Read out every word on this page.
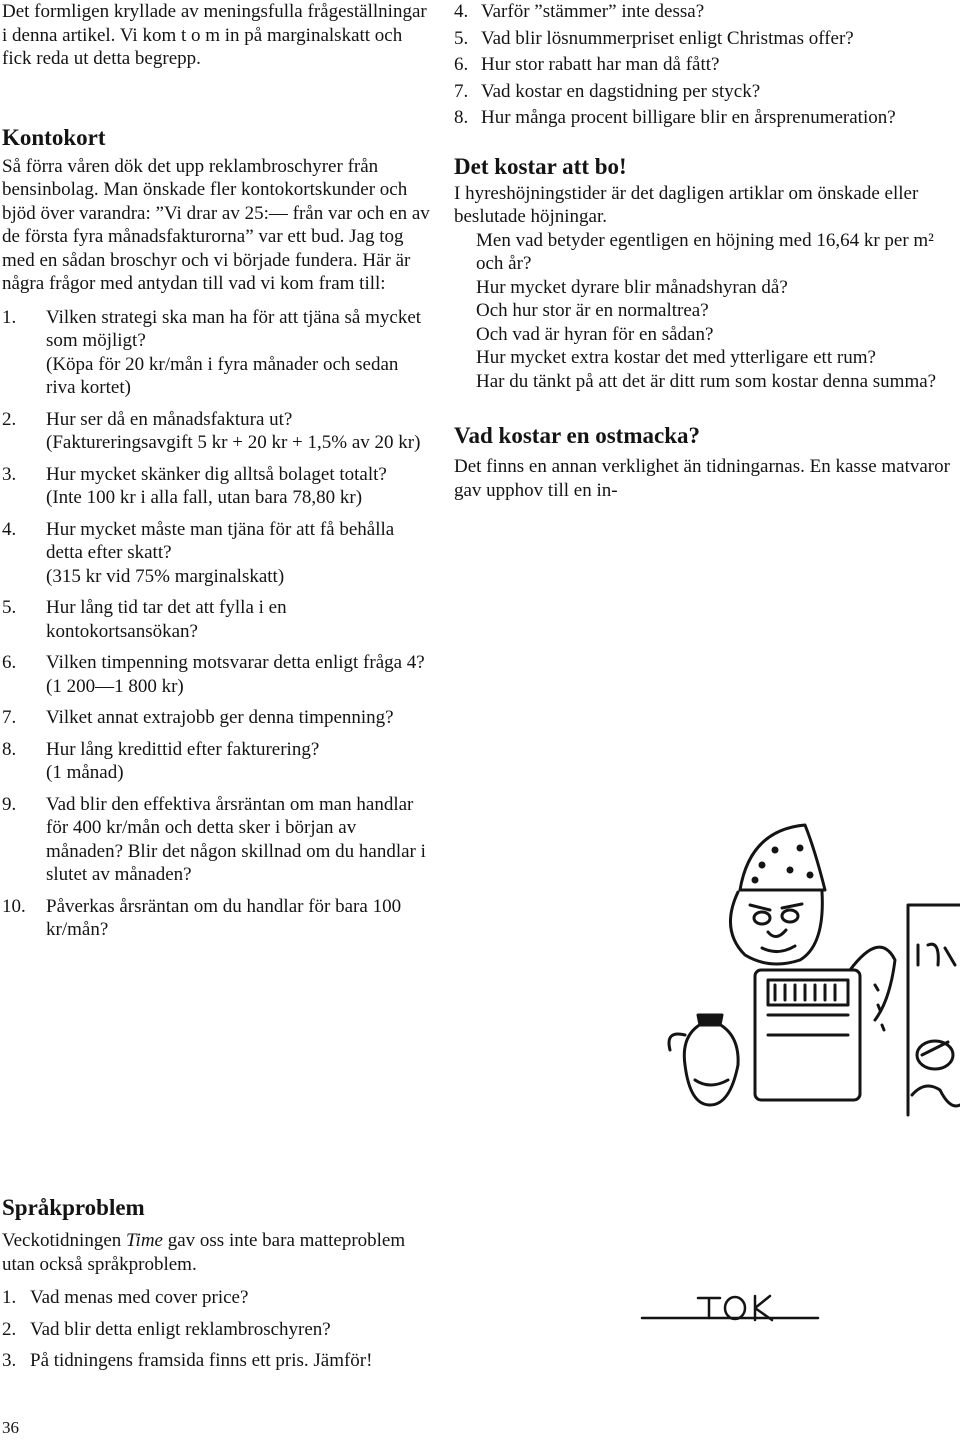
Det formligen kryllade av meningsfulla frågeställningar i denna artikel. Vi kom t o m in på marginalskatt och fick reda ut detta begrepp.

Kontokort

Så förra våren dök det upp reklambroschyrer från bensinbolag. Man önskade fler kontokortskunder och bjöd över varandra: ”Vi drar av 25:— från var och en av de första fyra månadsfakturorna” var ett bud. Jag tog med en sådan broschyr och vi började fundera. Här är några frågor med antydan till vad vi kom fram till:

1.	Vilken strategi ska man ha för att tjäna så mycket som möjligt?
(Köpa för 20 kr/mån i fyra månader och sedan riva kortet)
2.	Hur ser då en månadsfaktura ut?
(Faktureringsavgift 5 kr + 20 kr + 1,5% av 20 kr)
3.	Hur mycket skänker dig alltså bolaget totalt?
(Inte 100 kr i alla fall, utan bara 78,80 kr)
4.	Hur mycket måste man tjäna för att få behålla detta efter skatt?
(315 kr vid 75% marginalskatt)
5.	Hur lång tid tar det att fylla i en kontokortsansökan?
6.	Vilken timpenning motsvarar detta enligt fråga 4?
(1 200—1 800 kr)
7.	Vilket annat extrajobb ger denna timpenning?
8.	Hur lång kredittid efter fakturering?
(1 månad)
9.	Vad blir den effektiva årsräntan om man handlar för 400 kr/mån och detta sker i början av månaden? Blir det någon skillnad om du handlar i slutet av månaden?
10.	Påverkas årsräntan om du handlar för bara 100 kr/mån?
4. Varför ”stämmer” inte dessa?
5. Vad blir lösnummerpriset enligt Christmas offer?
6. Hur stor rabatt har man då fått?
7. Vad kostar en dagstidning per styck?
8. Hur många procent billigare blir en årsprenumeration?
Det kostar att bo!

I hyreshöjningstider är det dagligen artiklar om önskade eller beslutade höjningar.

Men vad betyder egentligen en höjning med 16,64 kr per m² och år?

Hur mycket dyrare blir månadshyran då?

Och hur stor är en normaltrea?

Och vad är hyran för en sådan?

Hur mycket extra kostar det med ytterligare ett rum?

Har du tänkt på att det är ditt rum som kostar denna summa?

Vad kostar en ostmacka?

Det finns en annan verklighet än tidningarnas. En kasse matvaror gav upphov till en in-

Språkproblem

Veckotidningen Time gav oss inte bara matteproblem utan också språkproblem.

1. Vad menas med cover price?
2. Vad blir detta enligt reklambroschyren?
3. På tidningens framsida finns ett pris. Jämför!
36
